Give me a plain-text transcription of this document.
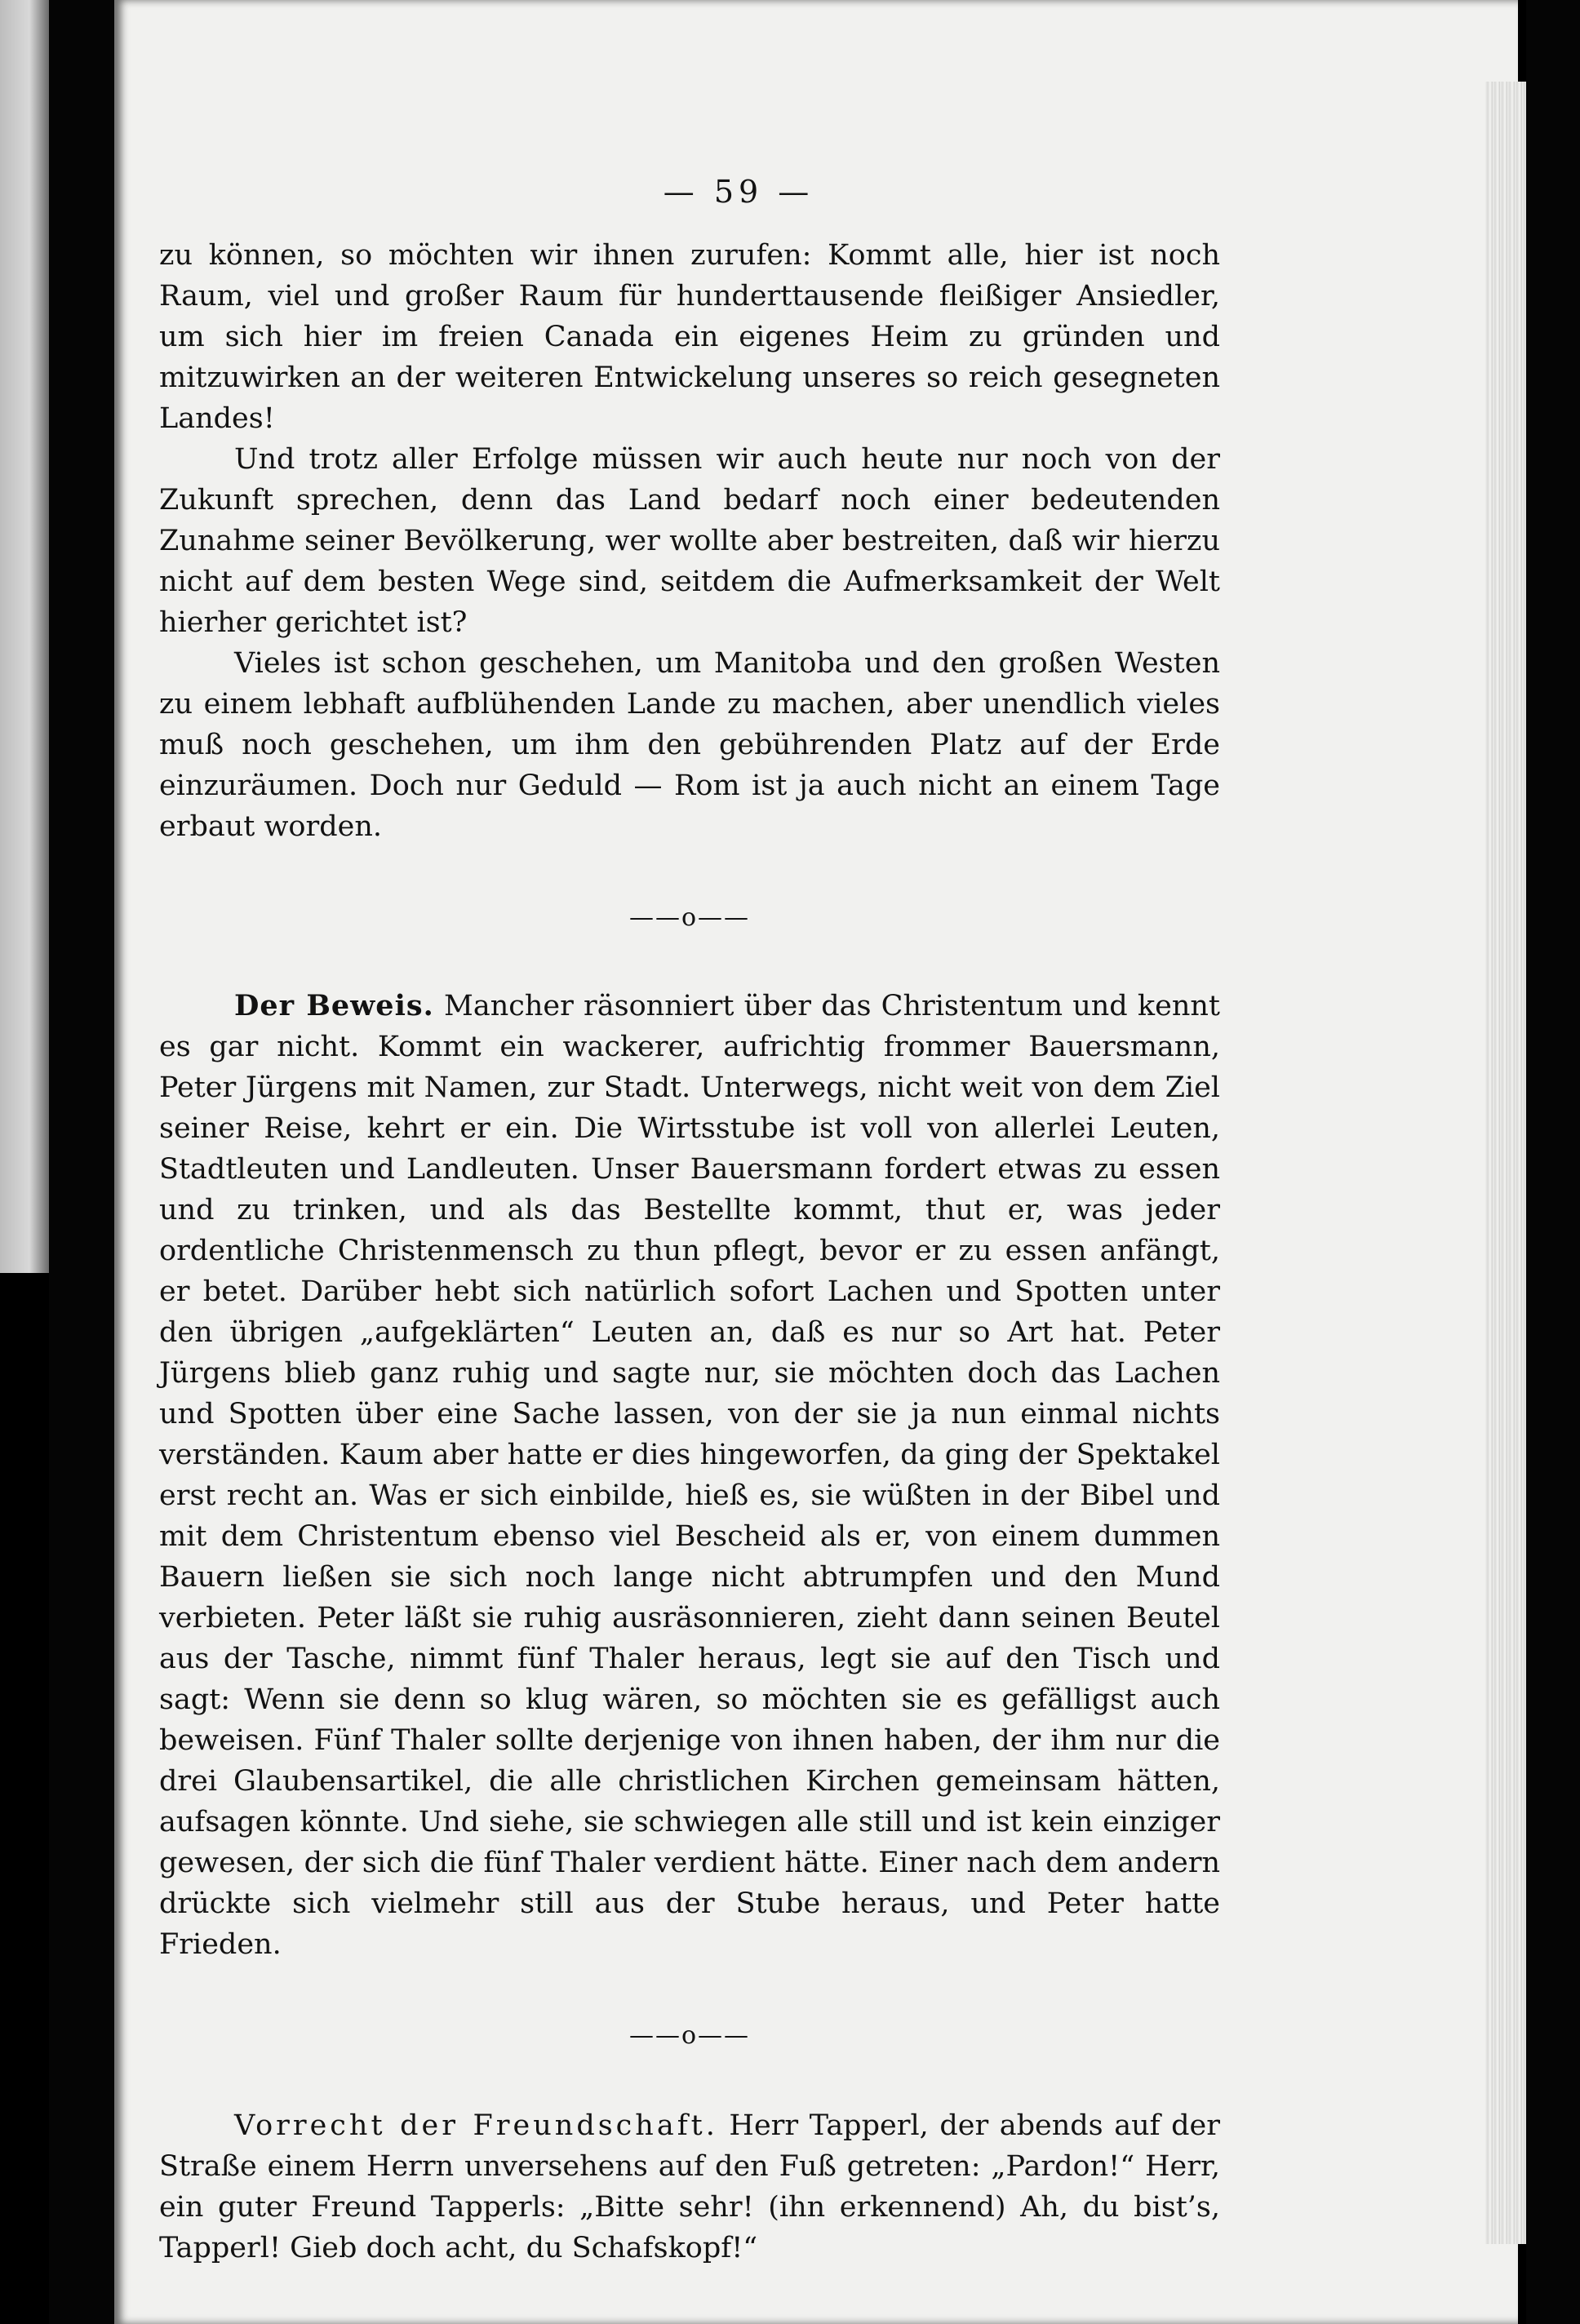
— 59 —

zu können, so möchten wir ihnen zurufen: Kommt alle, hier ist noch Raum, viel und großer Raum für hunderttausende fleißiger Ansiedler, um sich hier im freien Canada ein eigenes Heim zu gründen und mitzuwirken an der weiteren Entwickelung unseres so reich gesegneten Landes!

Und trotz aller Erfolge müssen wir auch heute nur noch von der Zukunft sprechen, denn das Land bedarf noch einer bedeutenden Zunahme seiner Bevölkerung, wer wollte aber bestreiten, daß wir hierzu nicht auf dem besten Wege sind, seitdem die Aufmerksamkeit der Welt hierher gerichtet ist?

Vieles ist schon geschehen, um Manitoba und den großen Westen zu einem lebhaft aufblühenden Lande zu machen, aber unendlich vieles muß noch geschehen, um ihm den gebührenden Platz auf der Erde einzuräumen. Doch nur Geduld — Rom ist ja auch nicht an einem Tage erbaut worden.

——o——

Der Beweis. Mancher räsonniert über das Christentum und kennt es gar nicht. Kommt ein wackerer, aufrichtig frommer Bauersmann, Peter Jürgens mit Namen, zur Stadt. Unterwegs, nicht weit von dem Ziel seiner Reise, kehrt er ein. Die Wirtsstube ist voll von allerlei Leuten, Stadtleuten und Landleuten. Unser Bauersmann fordert etwas zu essen und zu trinken, und als das Bestellte kommt, thut er, was jeder ordentliche Christenmensch zu thun pflegt, bevor er zu essen anfängt, er betet. Darüber hebt sich natürlich sofort Lachen und Spotten unter den übrigen „aufgeklärten“ Leuten an, daß es nur so Art hat. Peter Jürgens blieb ganz ruhig und sagte nur, sie möchten doch das Lachen und Spotten über eine Sache lassen, von der sie ja nun einmal nichts verständen. Kaum aber hatte er dies hingeworfen, da ging der Spektakel erst recht an. Was er sich einbilde, hieß es, sie wüßten in der Bibel und mit dem Christentum ebenso viel Bescheid als er, von einem dummen Bauern ließen sie sich noch lange nicht abtrumpfen und den Mund verbieten. Peter läßt sie ruhig ausräsonnieren, zieht dann seinen Beutel aus der Tasche, nimmt fünf Thaler heraus, legt sie auf den Tisch und sagt: Wenn sie denn so klug wären, so möchten sie es gefälligst auch beweisen. Fünf Thaler sollte derjenige von ihnen haben, der ihm nur die drei Glaubensartikel, die alle christlichen Kirchen gemeinsam hätten, aufsagen könnte. Und siehe, sie schwiegen alle still und ist kein einziger gewesen, der sich die fünf Thaler verdient hätte. Einer nach dem andern drückte sich vielmehr still aus der Stube heraus, und Peter hatte Frieden.

——o——

Vorrecht der Freundschaft. Herr Tapperl, der abends auf der Straße einem Herrn unversehens auf den Fuß getreten: „Pardon!“ Herr, ein guter Freund Tapperls: „Bitte sehr! (ihn erkennend) Ah, du bist’s, Tapperl! Gieb doch acht, du Schafskopf!“
